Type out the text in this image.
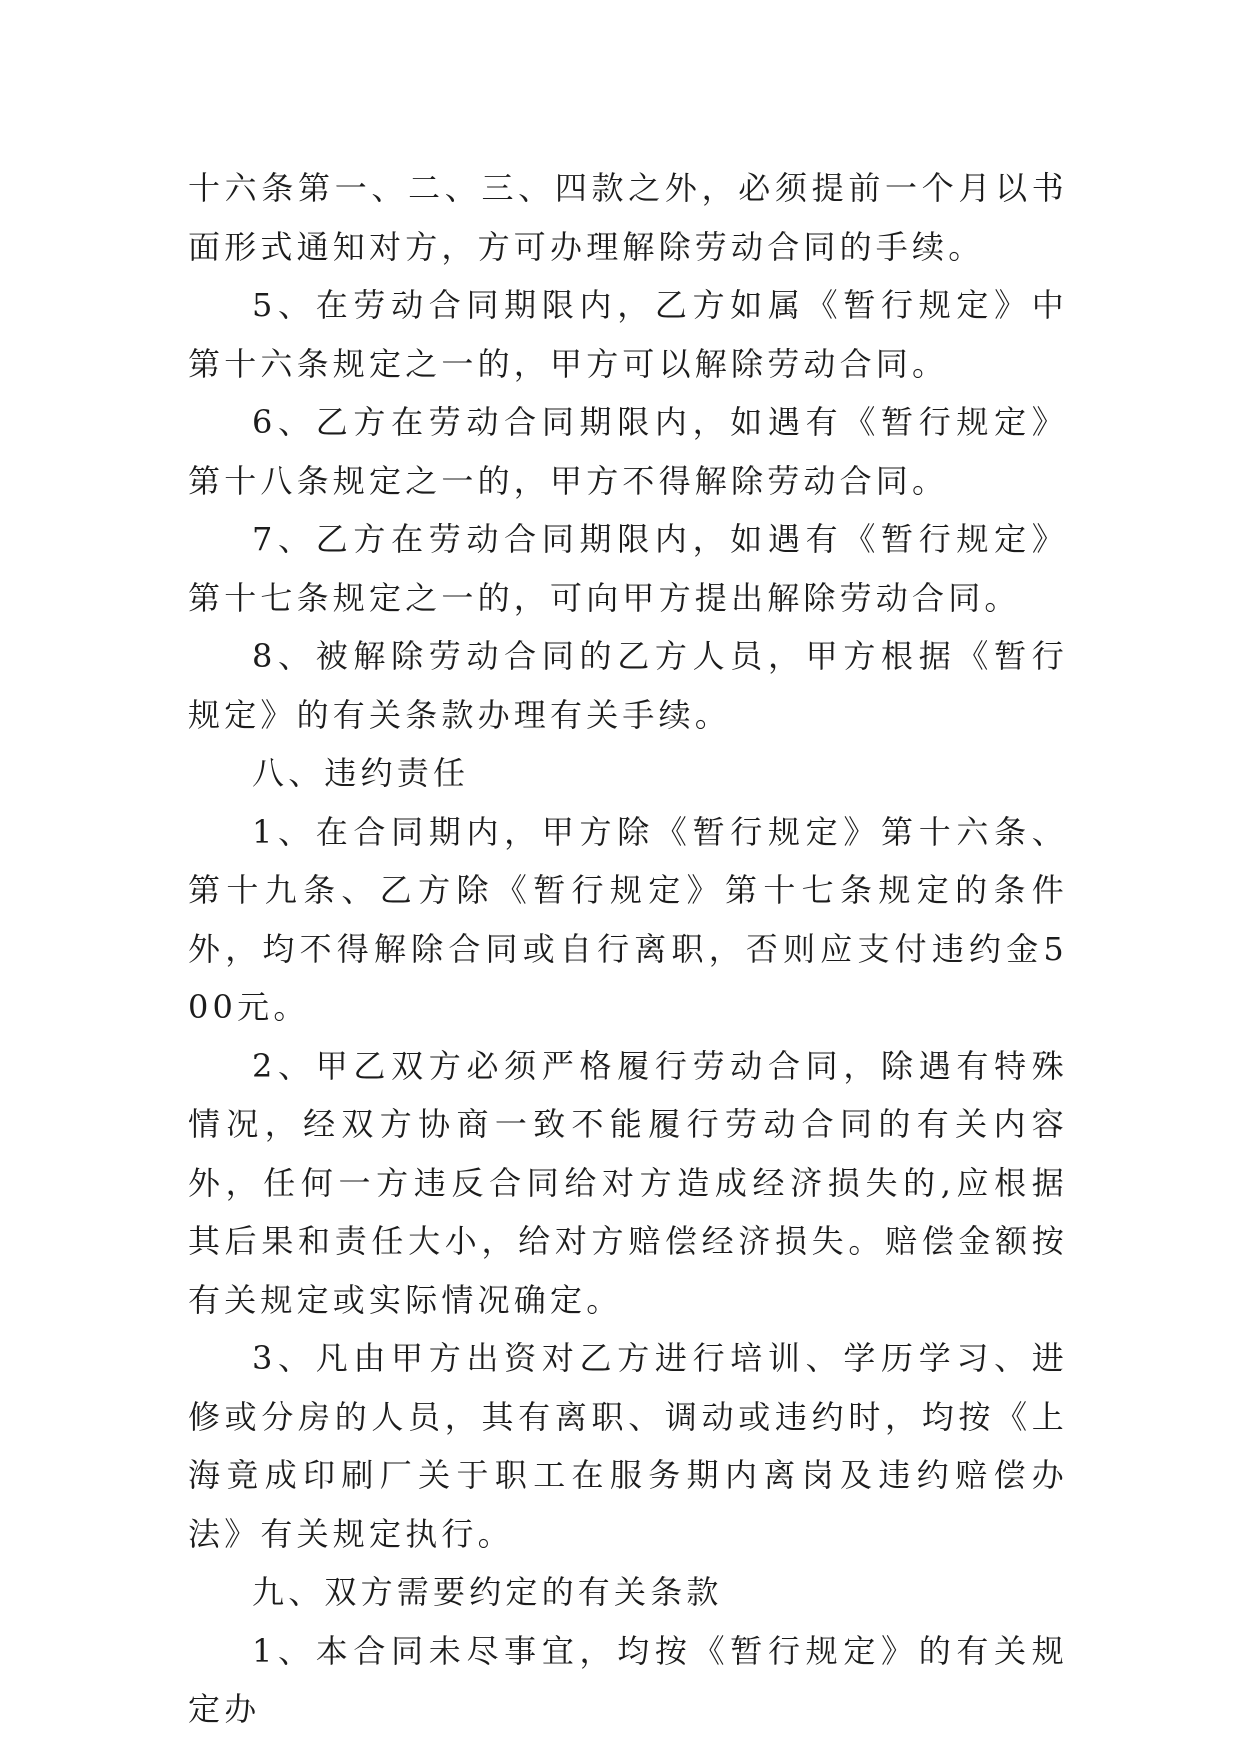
十六条第一、二、三、四款之外，必须提前一个月以书面形式通知对方，方可办理解除劳动合同的手续。

5、在劳动合同期限内，乙方如属《暂行规定》中第十六条规定之一的，甲方可以解除劳动合同。

6、乙方在劳动合同期限内，如遇有《暂行规定》第十八条规定之一的，甲方不得解除劳动合同。

7、乙方在劳动合同期限内，如遇有《暂行规定》第十七条规定之一的，可向甲方提出解除劳动合同。

8、被解除劳动合同的乙方人员，甲方根据《暂行规定》的有关条款办理有关手续。

八、违约责任

1、在合同期内，甲方除《暂行规定》第十六条、第十九条、乙方除《暂行规定》第十七条规定的条件外，均不得解除合同或自行离职，否则应支付违约金500元。

2、甲乙双方必须严格履行劳动合同，除遇有特殊情况，经双方协商一致不能履行劳动合同的有关内容外，任何一方违反合同给对方造成经济损失的,应根据其后果和责任大小，给对方赔偿经济损失。赔偿金额按有关规定或实际情况确定。

3、凡由甲方出资对乙方进行培训、学历学习、进修或分房的人员，其有离职、调动或违约时，均按《上海竟成印刷厂关于职工在服务期内离岗及违约赔偿办法》有关规定执行。

九、双方需要约定的有关条款

1、本合同未尽事宜，均按《暂行规定》的有关规定办
